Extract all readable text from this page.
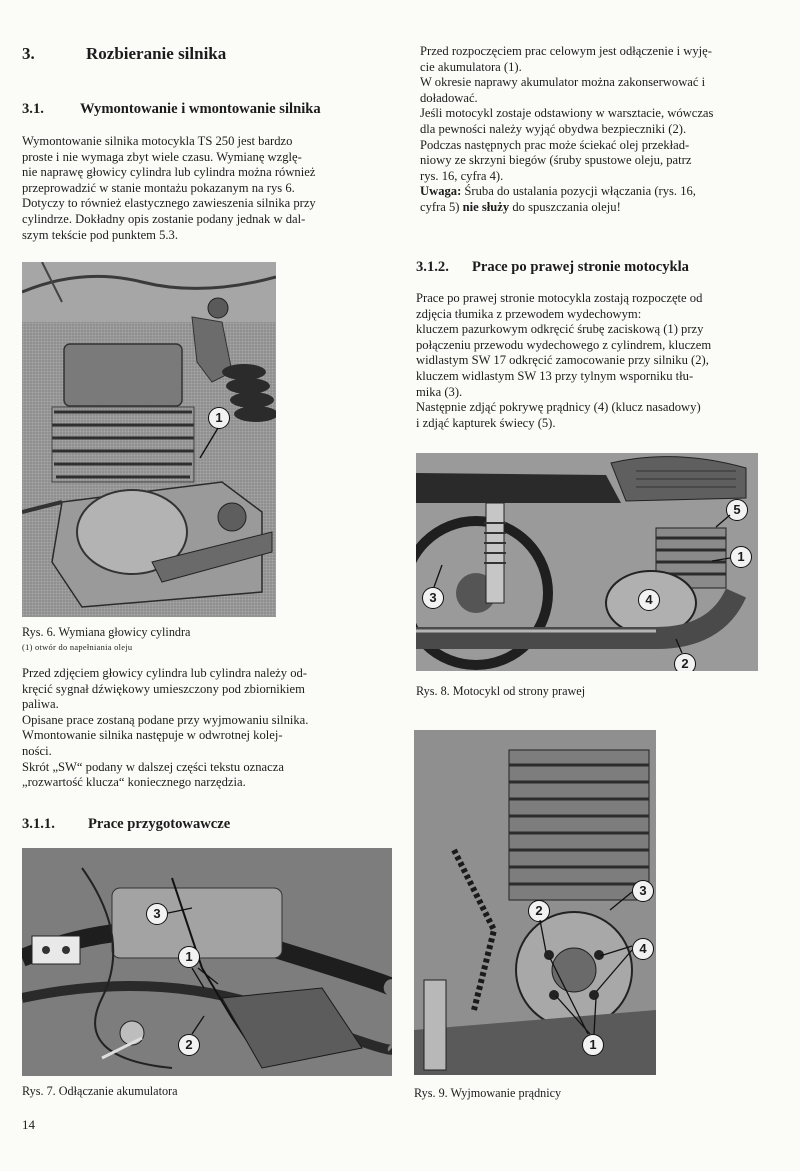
3.	Rozbieranie silnika
3.1. Wymontowanie i wmontowanie silnika
Wymontowanie silnika motocykla TS 250 jest bardzo
proste i nie wymaga zbyt wiele czasu. Wymianę wzglę-
nie naprawę głowicy cylindra lub cylindra można również
przeprowadzić w stanie montażu pokazanym na rys 6.
Dotyczy to również elastycznego zawieszenia silnika przy
cylindrze. Dokładny opis zostanie podany jednak w dal-
szym tekście pod punktem 5.3.
1

Rys. 6. Wymiana głowicy cylindra

(1) otwór do napełniania oleju

Przed zdjęciem głowicy cylindra lub cylindra należy od-
kręcić sygnał dźwiękowy umieszczony pod zbiornikiem
paliwa.
Opisane prace zostaną podane przy wyjmowaniu silnika.
Wmontowanie silnika następuje w odwrotnej kolej-
ności.
Skrót „SW“ podany w dalszej części tekstu oznacza
„rozwartość klucza“ koniecznego narzędzia.
3.1.1. Prace przygotowawcze
3
1
2

Rys. 7. Odłączanie akumulatora

14
Przed rozpoczęciem prac celowym jest odłączenie i wyję-
cie akumulatora (1).
W okresie naprawy akumulator można zakonserwować i
doładować.
Jeśli motocykl zostaje odstawiony w warsztacie, wówczas
dla pewności należy wyjąć obydwa bezpieczniki (2).
Podczas następnych prac może ściekać olej przekład-
niowy ze skrzyni biegów (śruby spustowe oleju, patrz
rys. 16, cyfra 4).
Uwaga: Śruba do ustalania pozycji włączania (rys. 16,
cyfra 5) nie służy do spuszczania oleju!
3.1.2. Prace po prawej stronie motocykla
Prace po prawej stronie motocykla zostają rozpoczęte od
zdjęcia tłumika z przewodem wydechowym:
kluczem pazurkowym odkręcić śrubę zaciskową (1) przy
połączeniu przewodu wydechowego z cylindrem, kluczem
widlastym SW 17 odkręcić zamocowanie przy silniku (2),
kluczem widlastym SW 13 przy tylnym wsporniku tłu-
mika (3).
Następnie zdjąć pokrywę prądnicy (4) (klucz nasadowy)
i zdjąć kapturek świecy (5).
5
1
3	4
2

Rys. 8. Motocykl od strony prawej

3
2
4
1

Rys. 9. Wyjmowanie prądnicy
